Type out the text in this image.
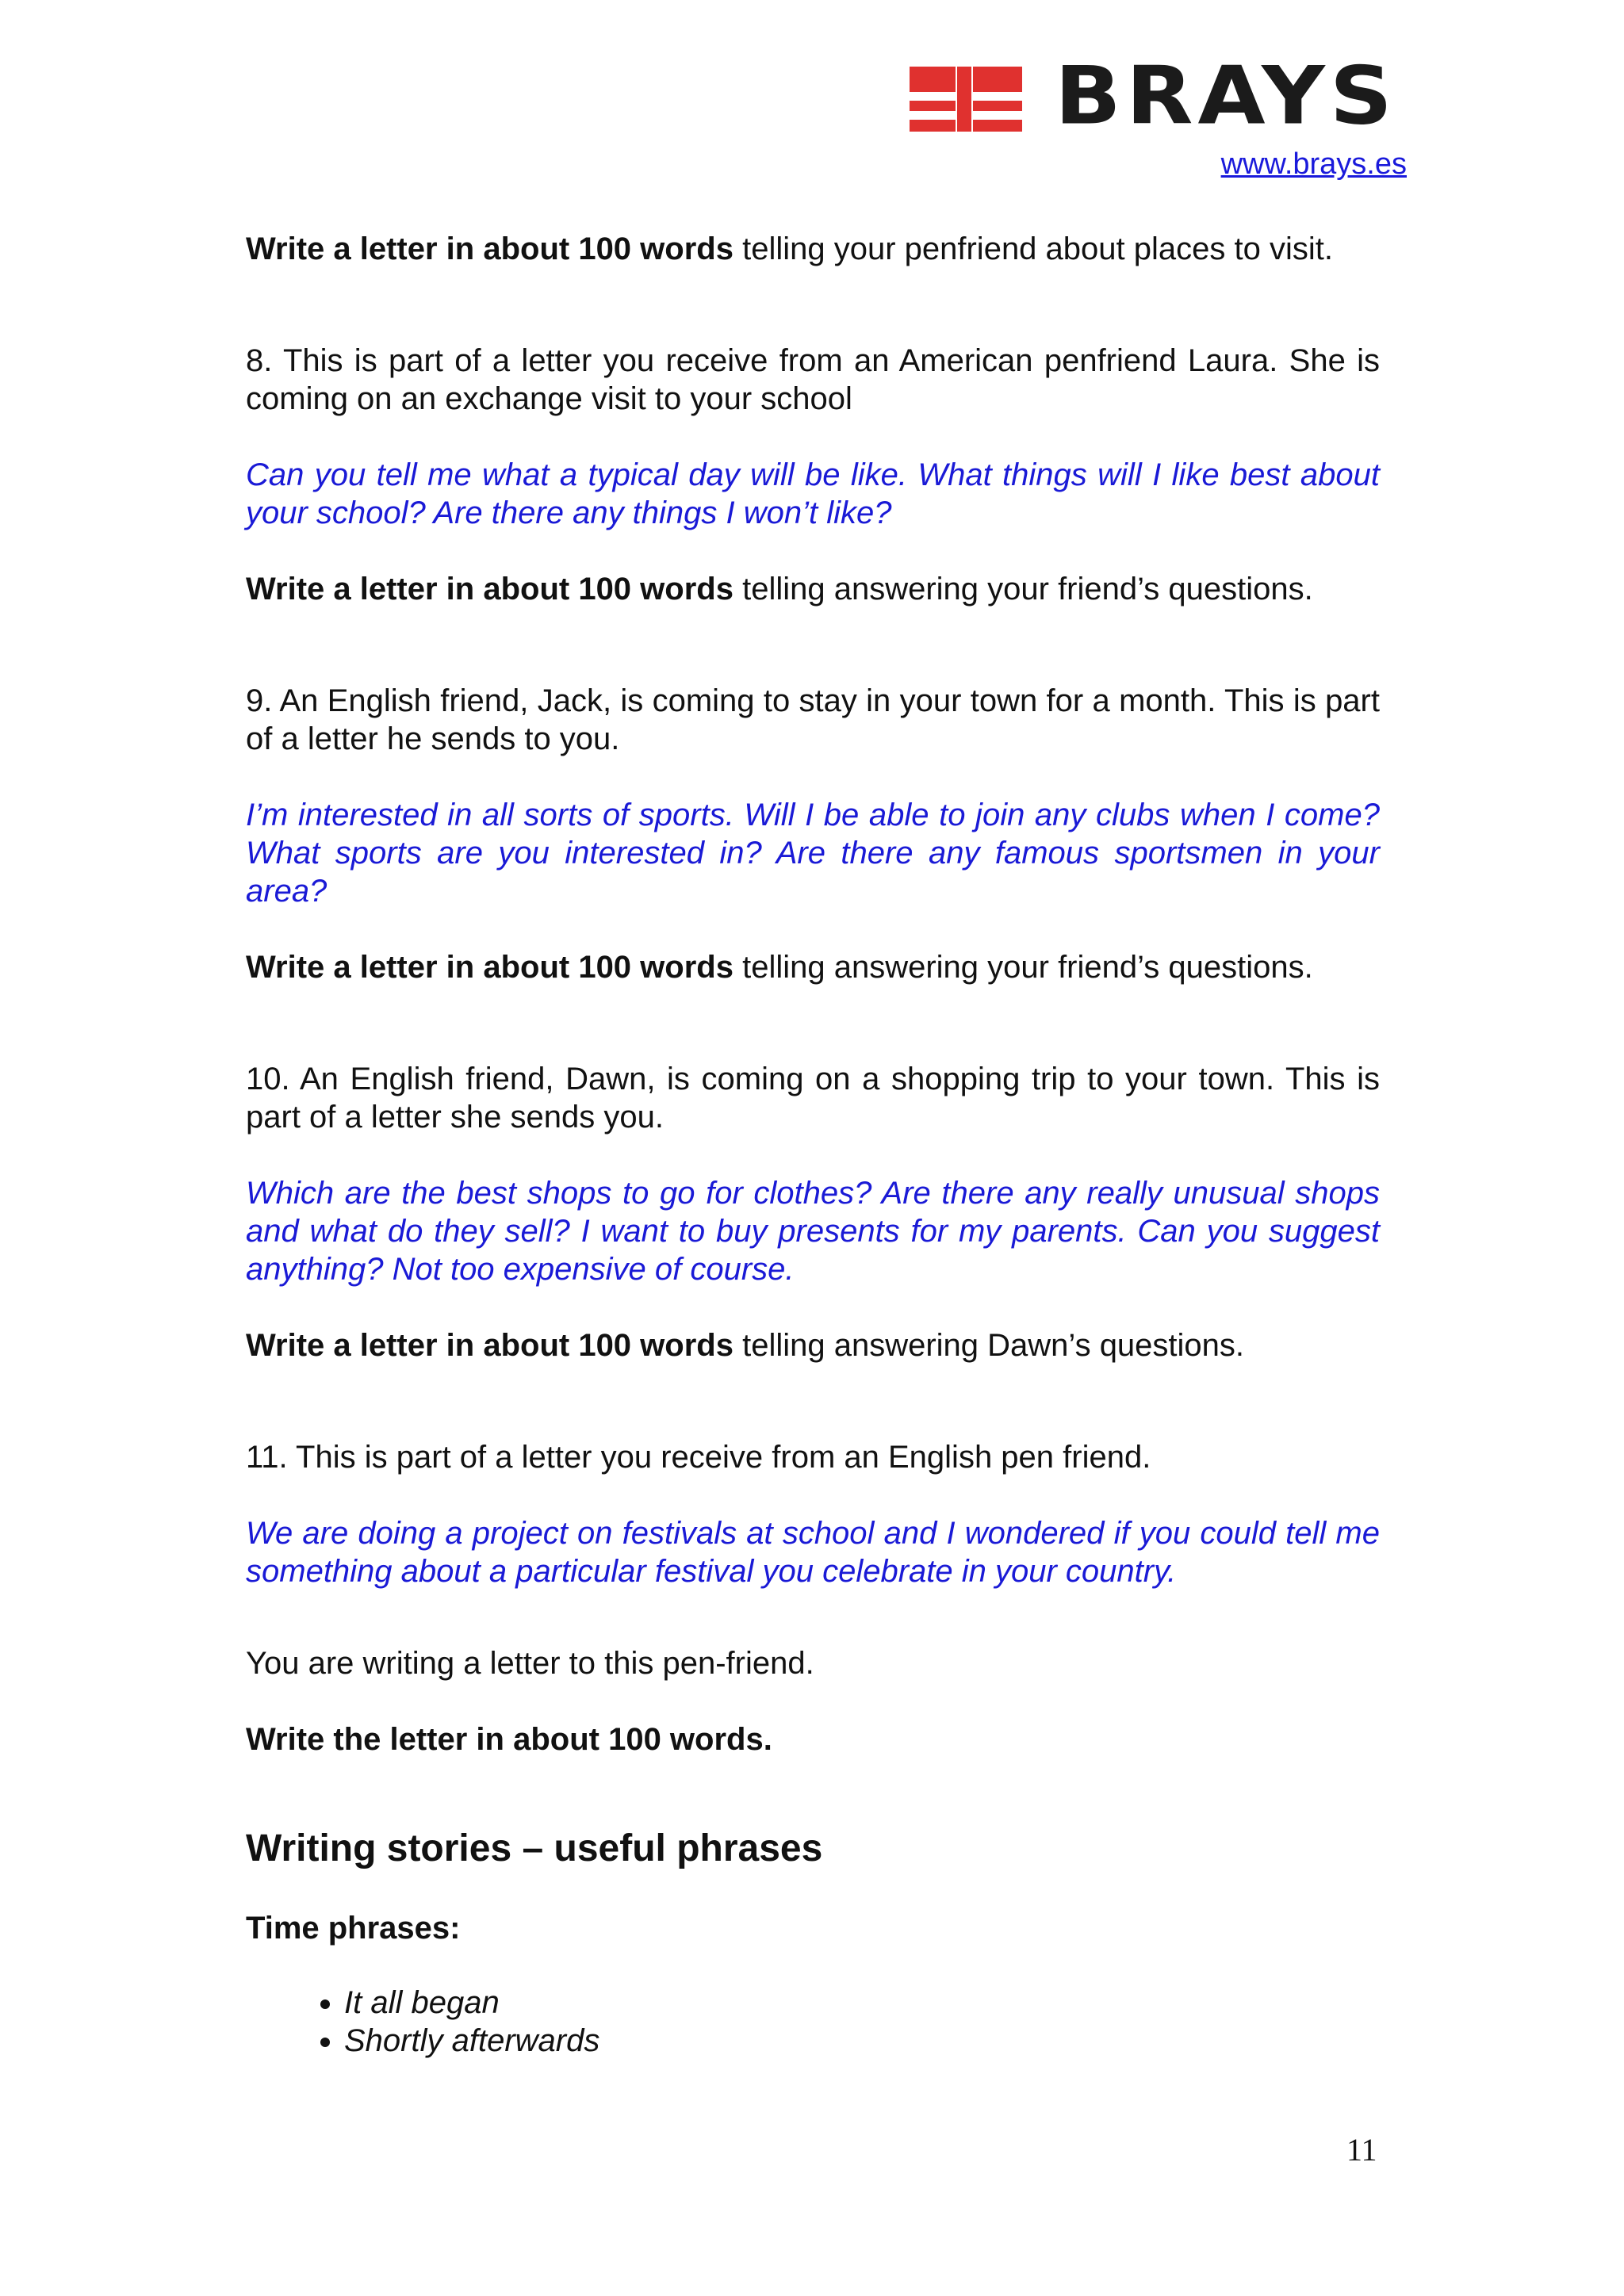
BRAYS
www.brays.es

Write a letter in about 100 words telling your penfriend about places to visit.

8. This is part of a letter you receive from an American penfriend Laura. She is coming on an exchange visit to your school

Can you tell me what a typical day will be like. What things will I like best about your school? Are there any things I won’t like?

Write a letter in about 100 words telling answering your friend’s questions.

9. An English friend, Jack, is coming to stay in your town for a month. This is part of a letter he sends to you.

I’m interested in all sorts of sports. Will I be able to join any clubs when I come? What sports are you interested in? Are there any famous sportsmen in your area?

Write a letter in about 100 words telling answering your friend’s questions.

10. An English friend, Dawn, is coming on a shopping trip to your town. This is part of a letter she sends you.

Which are the best shops to go for clothes? Are there any really unusual shops and what do they sell? I want to buy presents for my parents. Can you suggest anything? Not too expensive of course.

Write a letter in about 100 words telling answering Dawn’s questions.

11. This is part of a letter you receive from an English pen friend.

We are doing a project on festivals at school and I wondered if you could tell me something about a particular festival you celebrate in your country.

You are writing a letter to this pen-friend.

Write the letter in about 100 words.

Writing stories – useful phrases

Time phrases:

• It all began
• Shortly afterwards
11
